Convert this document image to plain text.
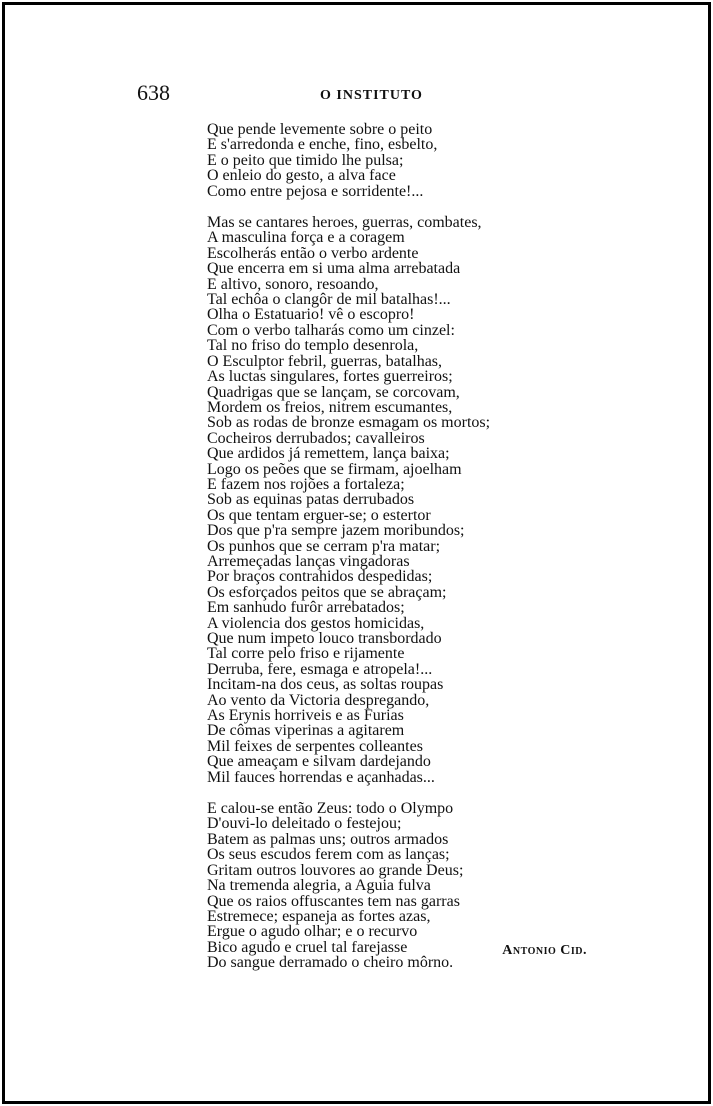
638	O INSTITUTO
Que pende levemente sobre o peito
E s'arredonda e enche, fino, esbelto,
E o peito que timido lhe pulsa;
O enleio do gesto, a alva face
Como entre pejosa e sorridente!...
Mas se cantares heroes, guerras, combates,
A masculina força e a coragem
Escolherás então o verbo ardente
Que encerra em si uma alma arrebatada
E altivo, sonoro, resoando,
Tal echôa o clangôr de mil batalhas!...
Olha o Estatuario! vê o escopro!
Com o verbo talharás como um cinzel:
Tal no friso do templo desenrola,
O Esculptor febril, guerras, batalhas,
As luctas singulares, fortes guerreiros;
Quadrigas que se lançam, se corcovam,
Mordem os freios, nitrem escumantes,
Sob as rodas de bronze esmagam os mortos;
Cocheiros derrubados; cavalleiros
Que ardidos já remettem, lança baixa;
Logo os peões que se firmam, ajoelham
E fazem nos rojões a fortaleza;
Sob as equinas patas derrubados
Os que tentam erguer-se; o estertor
Dos que p'ra sempre jazem moribundos;
Os punhos que se cerram p'ra matar;
Arremeçadas lanças vingadoras
Por braços contrahidos despedidas;
Os esforçados peitos que se abraçam;
Em sanhudo furôr arrebatados;
A violencia dos gestos homicidas,
Que num impeto louco transbordado
Tal corre pelo friso e rijamente
Derruba, fere, esmaga e atropela!...
Incitam-na dos ceus, as soltas roupas
Ao vento da Victoria despregando,
As Erynis horriveis e as Furias
De cômas viperinas a agitarem
Mil feixes de serpentes colleantes
Que ameaçam e silvam dardejando
Mil fauces horrendas e açanhadas...
E calou-se então Zeus: todo o Olympo
D'ouvi-lo deleitado o festejou;
Batem as palmas uns; outros armados
Os seus escudos ferem com as lanças;
Gritam outros louvores ao grande Deus;
Na tremenda alegria, a Aguia fulva
Que os raios offuscantes tem nas garras
Estremece; espaneja as fortes azas,
Ergue o agudo olhar; e o recurvo
Bico agudo e cruel tal farejasse
Do sangue derramado o cheiro môrno.
Antonio Cid.
